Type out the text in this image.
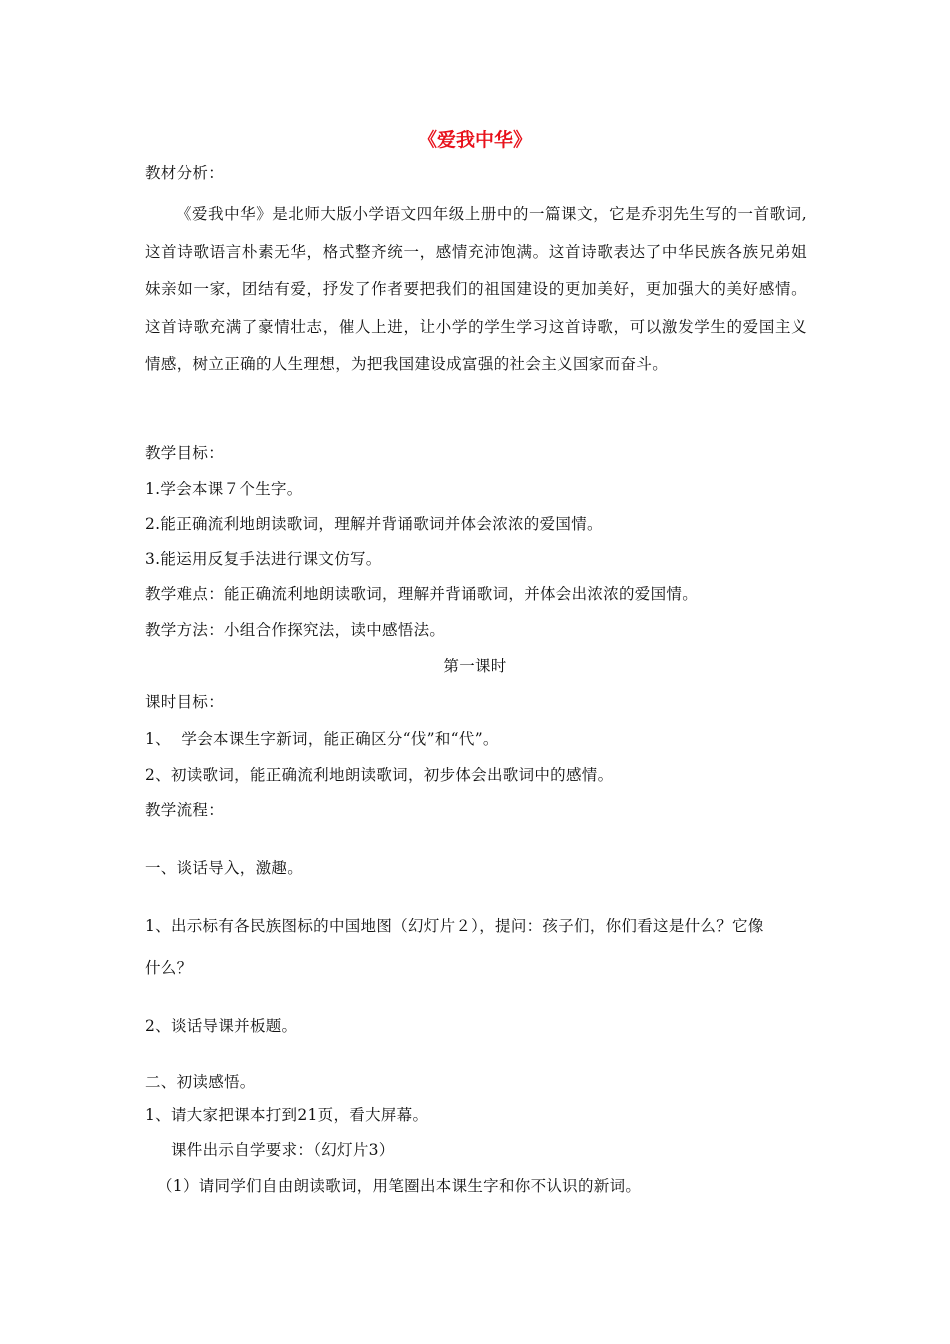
《爱我中华》
教材分析：
《爱我中华》是北师大版小学语文四年级上册中的一篇课文，它是乔羽先生写的一首歌词,这首诗歌语言朴素无华，格式整齐统一，感情充沛饱满。这首诗歌表达了中华民族各族兄弟姐妹亲如一家，团结有爱，抒发了作者要把我们的祖国建设的更加美好，更加强大的美好感情。这首诗歌充满了豪情壮志，催人上进，让小学的学生学习这首诗歌，可以激发学生的爱国主义情感，树立正确的人生理想，为把我国建设成富强的社会主义国家而奋斗。
教学目标：
1.学会本课７个生字。
2.能正确流利地朗读歌词，理解并背诵歌词并体会浓浓的爱国情。
3.能运用反复手法进行课文仿写。
教学难点：能正确流利地朗读歌词，理解并背诵歌词，并体会出浓浓的爱国情。
教学方法：小组合作探究法，读中感悟法。
第一课时
课时目标：
1、  学会本课生字新词，能正确区分“伐”和“代”。
2、初读歌词，能正确流利地朗读歌词，初步体会出歌词中的感情。
教学流程：
一、谈话导入，激趣。
1、出示标有各民族图标的中国地图（幻灯片２），提问：孩子们，你们看这是什么？它像
什么？
2、谈话导课并板题。
二、初读感悟。
1、请大家把课本打到21页，看大屏幕。
课件出示自学要求：（幻灯片3）
（1）请同学们自由朗读歌词，用笔圈出本课生字和你不认识的新词。
